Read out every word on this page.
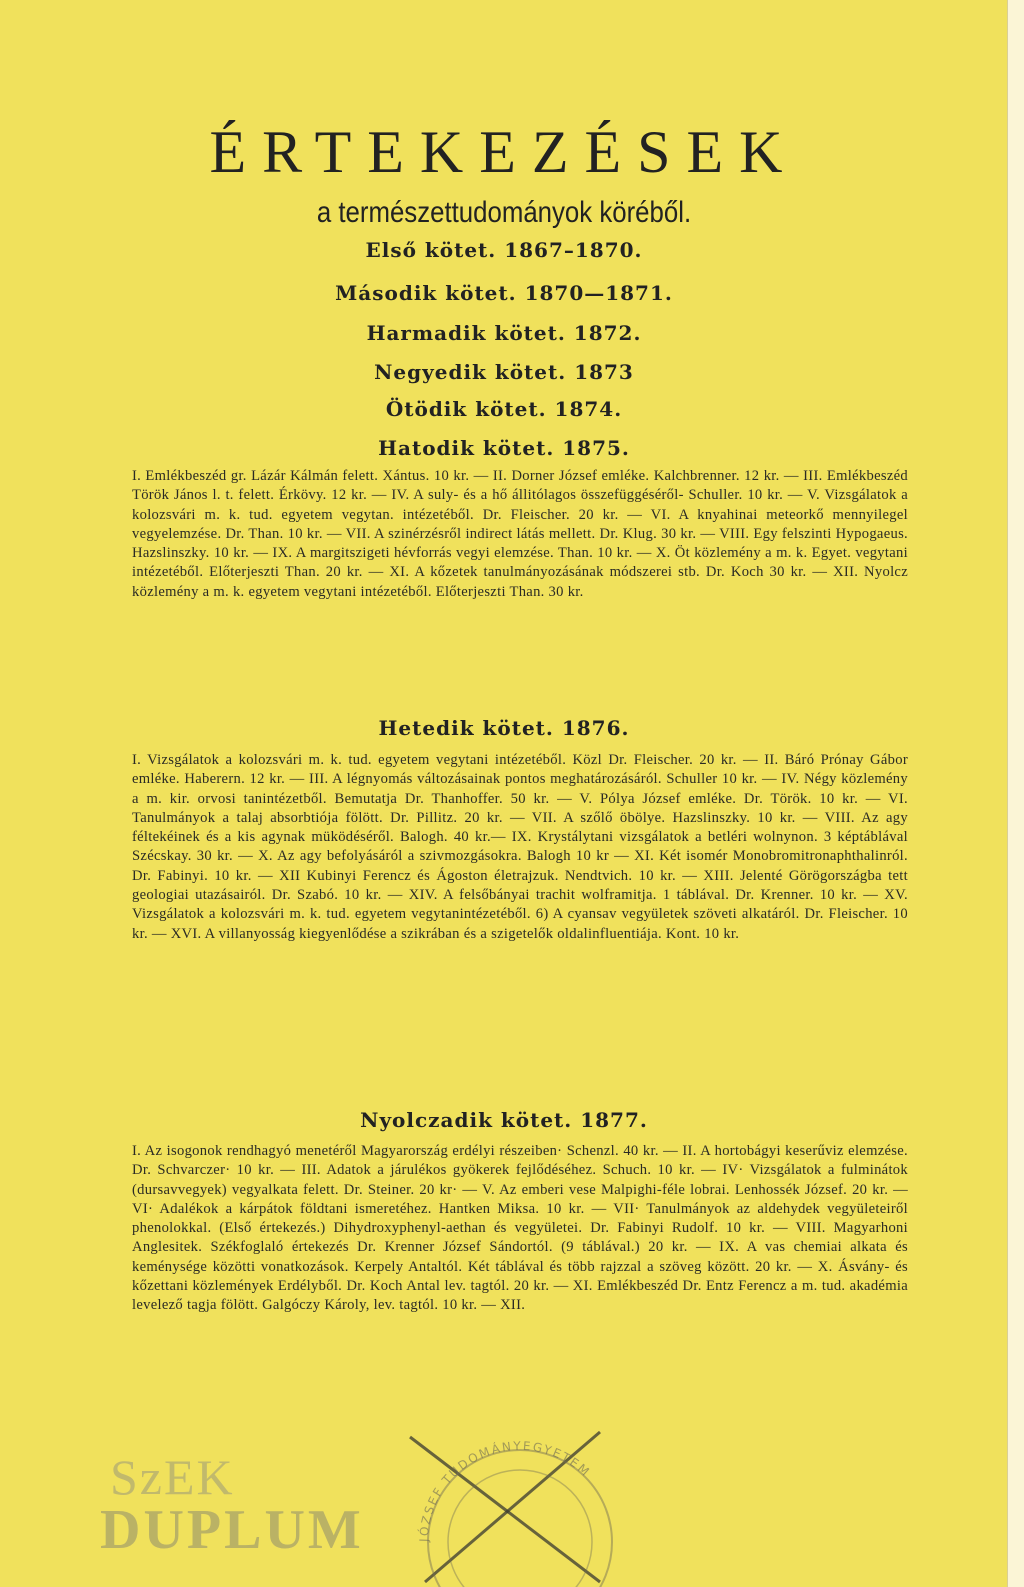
ÉRTEKEZÉSEK
a természettudományok köréből.
Első kötet. 1867–1870.
Második kötet. 1870—1871.
Harmadik kötet. 1872.
Negyedik kötet. 1873
Ötödik kötet. 1874.
Hatodik kötet. 1875.
I. Emlékbeszéd gr. Lázár Kálmán felett. Xántus. 10 kr. — II. Dorner József emléke. Kalchbrenner. 12 kr. — III. Emlékbeszéd Török János l. t. felett. Érkövy. 12 kr. — IV. A suly- és a hő állitólagos összefüggéséről- Schuller. 10 kr. — V. Vizsgálatok a kolozsvári m. k. tud. egyetem vegytan. intézetéből. Dr. Fleischer. 20 kr. — VI. A knyahinai meteorkő mennyilegel vegyelemzése. Dr. Than. 10 kr. — VII. A szinérzésről indirect látás mellett. Dr. Klug. 30 kr. — VIII. Egy felszinti Hypogaeus. Hazslinszky. 10 kr. — IX. A margitszigeti hévforrás vegyi elemzése. Than. 10 kr. — X. Öt közlemény a m. k. Egyet. vegytani intézetéből. Előterjeszti Than. 20 kr. — XI. A kőzetek tanulmányozásának módszerei stb. Dr. Koch 30 kr. — XII. Nyolcz közlemény a m. k. egyetem vegytani intézetéből. Előterjeszti Than. 30 kr.
Hetedik kötet. 1876.
I. Vizsgálatok a kolozsvári m. k. tud. egyetem vegytani intézetéből. Közl Dr. Fleischer. 20 kr. — II. Báró Prónay Gábor emléke. Haberern. 12 kr. — III. A légnyomás változásainak pontos meghatározásáról. Schuller 10 kr. — IV. Négy közlemény a m. kir. orvosi tanintézetből. Bemutatja Dr. Thanhoffer. 50 kr. — V. Pólya József emléke. Dr. Török. 10 kr. — VI. Tanulmányok a talaj absorbtiója fölött. Dr. Pillitz. 20 kr. — VII. A szőlő öbölye. Hazslinszky. 10 kr. — VIII. Az agy féltekéinek és a kis agynak müködéséről. Balogh. 40 kr.— IX. Krystálytani vizsgálatok a betléri wolnynon. 3 képtáblával Szécskay. 30 kr. — X. Az agy befolyásáról a szivmozgásokra. Balogh 10 kr — XI. Két isomér Monobromitronaphthalinról. Dr. Fabinyi. 10 kr. — XII Kubinyi Ferencz és Ágoston életrajzuk. Nendtvich. 10 kr. — XIII. Jelenté Görögországba tett geologiai utazásairól. Dr. Szabó. 10 kr. — XIV. A felsőbányai trachit wolframitja. 1 táblával. Dr. Krenner. 10 kr. — XV. Vizsgálatok a kolozsvári m. k. tud. egyetem vegytanintézetéből. 6) A cyansav vegyületek szöveti alkatáról. Dr. Fleischer. 10 kr. — XVI. A villanyosság kiegyenlődése a szikrában és a szigetelők oldalinfluentiája. Kont. 10 kr.
Nyolczadik kötet. 1877.
I. Az isogonok rendhagyó menetéről Magyarország erdélyi részeiben· Schenzl. 40 kr. — II. A hortobágyi keserűviz elemzése. Dr. Schvarczer· 10 kr. — III. Adatok a járulékos gyökerek fejlődéséhez. Schuch. 10 kr. — IV· Vizsgálatok a fulminátok (dursavvegyek) vegyalkata felett. Dr. Steiner. 20 kr· — V. Az emberi vese Malpighi-féle lobrai. Lenhossék József. 20 kr. — VI· Adalékok a kárpátok földtani ismeretéhez. Hantken Miksa. 10 kr. — VII· Tanulmányok az aldehydek vegyületeiről phenolokkal. (Első értekezés.) Dihydroxyphenyl-aethan és vegyületei. Dr. Fabinyi Rudolf. 10 kr. — VIII. Magyarhoni Anglesitek. Székfoglaló értekezés Dr. Krenner József Sándortól. (9 táblával.) 20 kr. — IX. A vas chemiai alkata és keménysége közötti vonatkozások. Kerpely Antaltól. Két táblával és több rajzzal a szöveg között. 20 kr. — X. Ásvány- és kőzettani közlemények Erdélyből. Dr. Koch Antal lev. tagtól. 20 kr. — XI. Emlékbeszéd Dr. Entz Ferencz a m. tud. akadémia levelező tagja fölött. Galgóczy Károly, lev. tagtól. 10 kr. — XII.
SzEK
DUPLUM	JÓZSEF TUDOMÁNYEGYETEM
